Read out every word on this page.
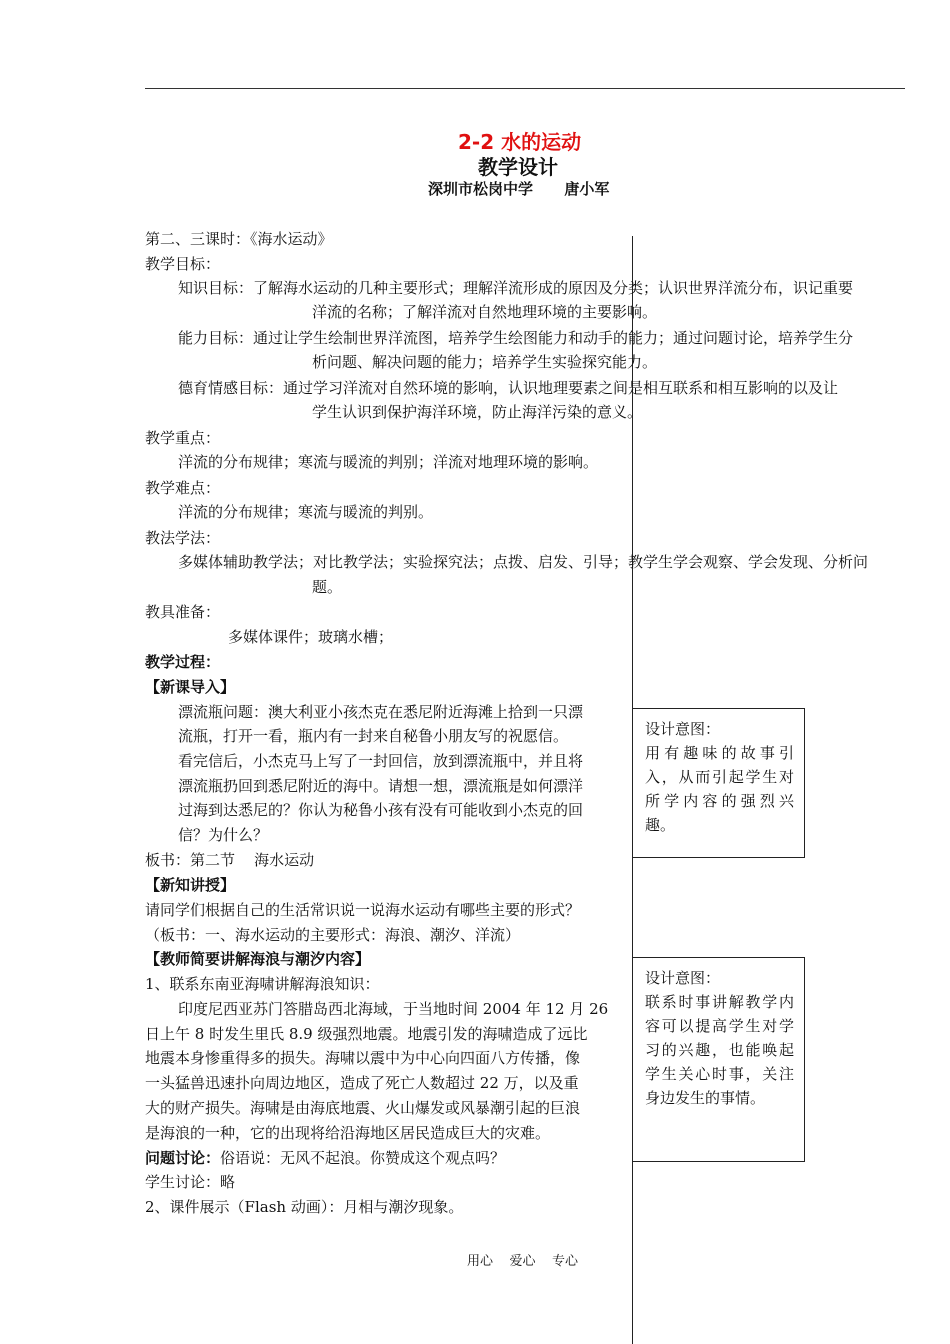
2-2 水的运动
教学设计
深圳市松岗中学      唐小军
第二、三课时：《海水运动》
教学目标：
知识目标：了解海水运动的几种主要形式；理解洋流形成的原因及分类；认识世界洋流分布，识记重要
洋流的名称；了解洋流对自然地理环境的主要影响。
能力目标：通过让学生绘制世界洋流图，培养学生绘图能力和动手的能力；通过问题讨论，培养学生分
析问题、解决问题的能力；培养学生实验探究能力。
德育情感目标：通过学习洋流对自然环境的影响，认识地理要素之间是相互联系和相互影响的以及让
学生认识到保护海洋环境，防止海洋污染的意义。
教学重点：
洋流的分布规律；寒流与暖流的判别；洋流对地理环境的影响。
教学难点：
洋流的分布规律；寒流与暖流的判别。
教法学法：
多媒体辅助教学法；对比教学法；实验探究法；点拨、启发、引导；教学生学会观察、学会发现、分析问
题。
教具准备：
多媒体课件；玻璃水槽；
教学过程：
【新课导入】
漂流瓶问题：澳大利亚小孩杰克在悉尼附近海滩上拾到一只漂
流瓶，打开一看，瓶内有一封来自秘鲁小朋友写的祝愿信。
看完信后，小杰克马上写了一封回信，放到漂流瓶中，并且将
漂流瓶扔回到悉尼附近的海中。请想一想，漂流瓶是如何漂洋
过海到达悉尼的？你认为秘鲁小孩有没有可能收到小杰克的回
信？为什么？
板书：第二节    海水运动
【新知讲授】
请同学们根据自己的生活常识说一说海水运动有哪些主要的形式？
（板书：一、海水运动的主要形式：海浪、潮汐、洋流）
【教师简要讲解海浪与潮汐内容】
1、联系东南亚海啸讲解海浪知识：
印度尼西亚苏门答腊岛西北海域，于当地时间 2004 年 12 月 26
日上午 8 时发生里氏 8.9 级强烈地震。地震引发的海啸造成了远比
地震本身惨重得多的损失。海啸以震中为中心向四面八方传播，像
一头猛兽迅速扑向周边地区，造成了死亡人数超过 22 万，以及重
大的财产损失。海啸是由海底地震、火山爆发或风暴潮引起的巨浪
是海浪的一种，它的出现将给沿海地区居民造成巨大的灾难。
问题讨论：俗语说：无风不起浪。你赞成这个观点吗？
学生讨论：略
2、课件展示（Flash 动画）：月相与潮汐现象。
设计意图：
用有趣味的故事引入，从而引起学生对所学内容的强烈兴趣。
设计意图：
联系时事讲解教学内容可以提高学生对学习的兴趣，也能唤起学生关心时事，关注身边发生的事情。
用心    爱心    专心
